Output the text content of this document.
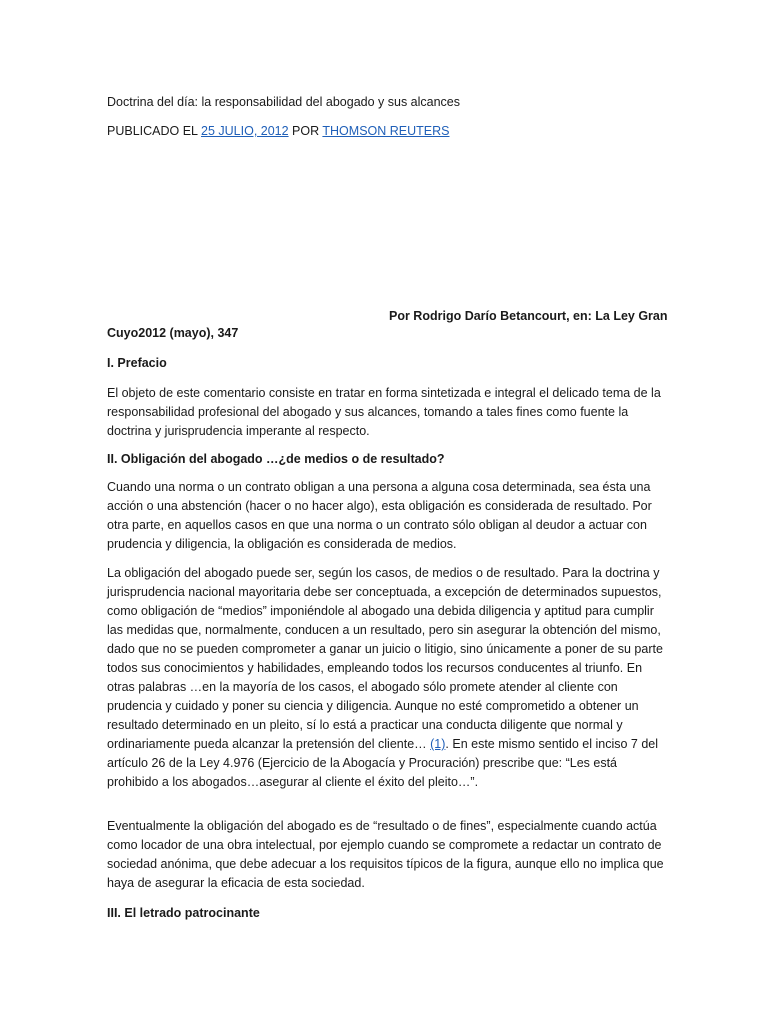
Doctrina del día: la responsabilidad del abogado y sus alcances
PUBLICADO EL 25 JULIO, 2012 POR THOMSON REUTERS
Por Rodrigo Darío Betancourt, en: La Ley Gran
Cuyo2012 (mayo), 347
I. Prefacio

El objeto de este comentario consiste en tratar en forma sintetizada e integral el delicado tema de la responsabilidad profesional del abogado y sus alcances, tomando a tales fines como fuente la doctrina y jurisprudencia imperante al respecto.

II. Obligación del abogado …¿de medios o de resultado?

Cuando una norma o un contrato obligan a una persona a alguna cosa determinada, sea ésta una acción o una abstención (hacer o no hacer algo), esta obligación es considerada de resultado. Por otra parte, en aquellos casos en que una norma o un contrato sólo obligan al deudor a actuar con prudencia y diligencia, la obligación es considerada de medios.

La obligación del abogado puede ser, según los casos, de medios o de resultado. Para la doctrina y jurisprudencia nacional mayoritaria debe ser conceptuada, a excepción de determinados supuestos, como obligación de “medios” imponiéndole al abogado una debida diligencia y aptitud para cumplir las medidas que, normalmente, conducen a un resultado, pero sin asegurar la obtención del mismo, dado que no se pueden comprometer a ganar un juicio o litigio, sino únicamente a poner de su parte todos sus conocimientos y habilidades, empleando todos los recursos conducentes al triunfo. En otras palabras …en la mayoría de los casos, el abogado sólo promete atender al cliente con prudencia y cuidado y poner su ciencia y diligencia. Aunque no esté comprometido a obtener un resultado determinado en un pleito, sí lo está a practicar una conducta diligente que normal y ordinariamente pueda alcanzar la pretensión del cliente… (1). En este mismo sentido el inciso 7 del artículo 26 de la Ley 4.976 (Ejercicio de la Abogacía y Procuración) prescribe que: “Les está prohibido a los abogados…asegurar al cliente el éxito del pleito…”.

Eventualmente la obligación del abogado es de “resultado o de fines”, especialmente cuando actúa como locador de una obra intelectual, por ejemplo cuando se compromete a redactar un contrato de sociedad anónima, que debe adecuar a los requisitos típicos de la figura, aunque ello no implica que haya de asegurar la eficacia de esta sociedad.

III. El letrado patrocinante
